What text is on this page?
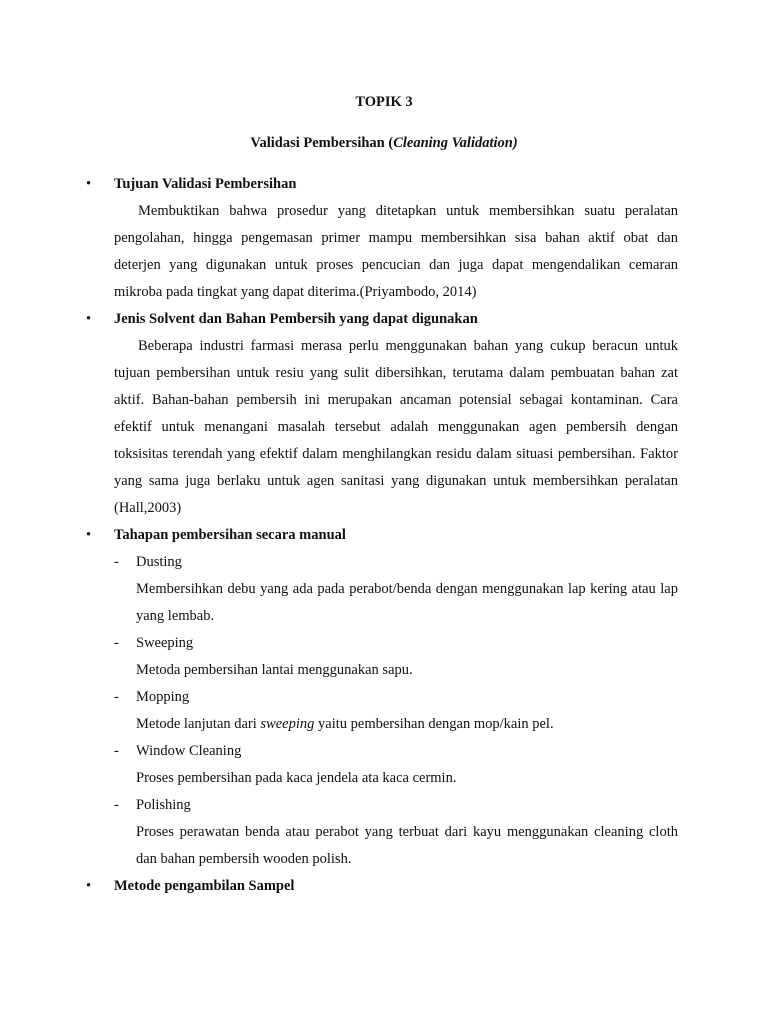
TOPIK 3
Validasi Pembersihan (Cleaning Validation)
• Tujuan Validasi Pembersihan
Membuktikan bahwa prosedur yang ditetapkan untuk membersihkan suatu peralatan pengolahan, hingga pengemasan primer mampu membersihkan sisa bahan aktif obat dan deterjen yang digunakan untuk proses pencucian dan juga dapat mengendalikan cemaran mikroba pada tingkat yang dapat diterima.(Priyambodo, 2014)
• Jenis Solvent dan Bahan Pembersih yang dapat digunakan
Beberapa industri farmasi merasa perlu menggunakan bahan yang cukup beracun untuk tujuan pembersihan untuk resiu yang sulit dibersihkan, terutama dalam pembuatan bahan zat aktif. Bahan-bahan pembersih ini merupakan ancaman potensial sebagai kontaminan. Cara efektif untuk menangani masalah tersebut adalah menggunakan agen pembersih dengan toksisitas terendah yang efektif dalam menghilangkan residu dalam situasi pembersihan. Faktor yang sama juga berlaku untuk agen sanitasi yang digunakan untuk membersihkan peralatan (Hall,2003)
• Tahapan pembersihan secara manual
- Dusting
Membersihkan debu yang ada pada perabot/benda dengan menggunakan lap kering atau lap yang lembab.
- Sweeping
Metoda pembersihan lantai menggunakan sapu.
- Mopping
Metode lanjutan dari sweeping yaitu pembersihan dengan mop/kain pel.
- Window Cleaning
Proses pembersihan pada kaca jendela ata kaca cermin.
- Polishing
Proses perawatan benda atau perabot yang terbuat dari kayu menggunakan cleaning cloth dan bahan pembersih wooden polish.
• Metode pengambilan Sampel
